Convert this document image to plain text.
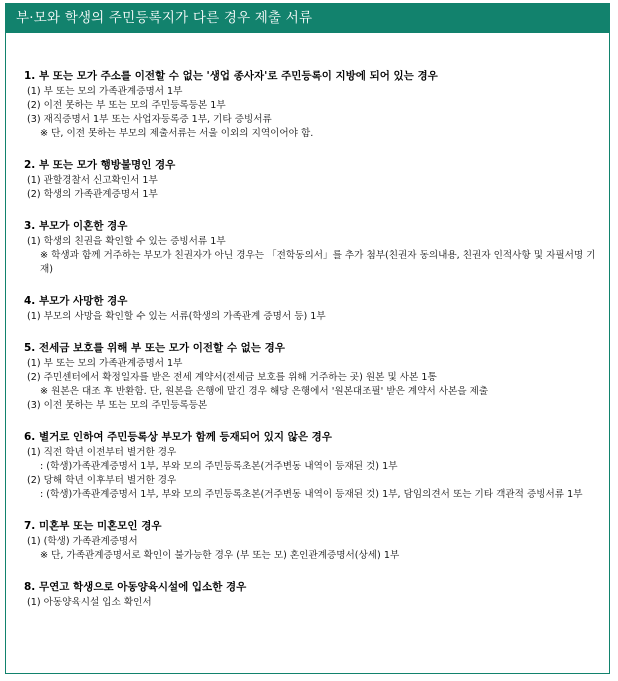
부·모와 학생의 주민등록지가 다른 경우 제출 서류
1. 부 또는 모가 주소를 이전할 수 없는 '생업 종사자'로 주민등록이 지방에 되어 있는 경우
(1) 부 또는 모의 가족관계증명서 1부
(2) 이전 못하는 부 또는 모의 주민등록등본 1부
(3) 재직증명서 1부 또는 사업자등록증 1부, 기타 증빙서류
※ 단, 이전 못하는 부모의 제출서류는 서울 이외의 지역이어야 함.
2. 부 또는 모가 행방불명인 경우
(1) 관할경찰서 신고확인서 1부
(2) 학생의 가족관계증명서 1부
3. 부모가 이혼한 경우
(1) 학생의 친권을 확인할 수 있는 증빙서류 1부
※ 학생과 함께 거주하는 부모가 친권자가 아닌 경우는 「전학동의서」를 추가 첨부(친권자 동의내용, 친권자 인적사항 및 자필서명 기재)
4. 부모가 사망한 경우
(1) 부모의 사망을 확인할 수 있는 서류(학생의 가족관계 증명서 등) 1부
5. 전세금 보호를 위해 부 또는 모가 이전할 수 없는 경우
(1) 부 또는 모의 가족관계증명서 1부
(2) 주민센터에서 확정일자를 받은 전세 계약서(전세금 보호를 위해 거주하는 곳) 원본 및 사본 1통
※ 원본은 대조 후 반환함. 단, 원본을 은행에 맡긴 경우 해당 은행에서 '원본대조필' 받은 계약서 사본을 제출
(3) 이전 못하는 부 또는 모의 주민등록등본
6. 별거로 인하여 주민등록상 부모가 함께 등재되어 있지 않은 경우
(1) 직전 학년 이전부터 별거한 경우
: (학생)가족관계증명서 1부, 부와 모의 주민등록초본(거주변동 내역이 등재된 것) 1부
(2) 당해 학년 이후부터 별거한 경우
: (학생)가족관계증명서 1부, 부와 모의 주민등록초본(거주변동 내역이 등재된 것) 1부, 담임의견서 또는 기타 객관적 증빙서류 1부
7. 미혼부 또는 미혼모인 경우
(1) (학생) 가족관계증명서
※ 단, 가족관계증명서로 확인이 불가능한 경우 (부 또는 모) 혼인관계증명서(상세) 1부
8. 무연고 학생으로 아동양육시설에 입소한 경우
(1) 아동양육시설 입소 확인서
